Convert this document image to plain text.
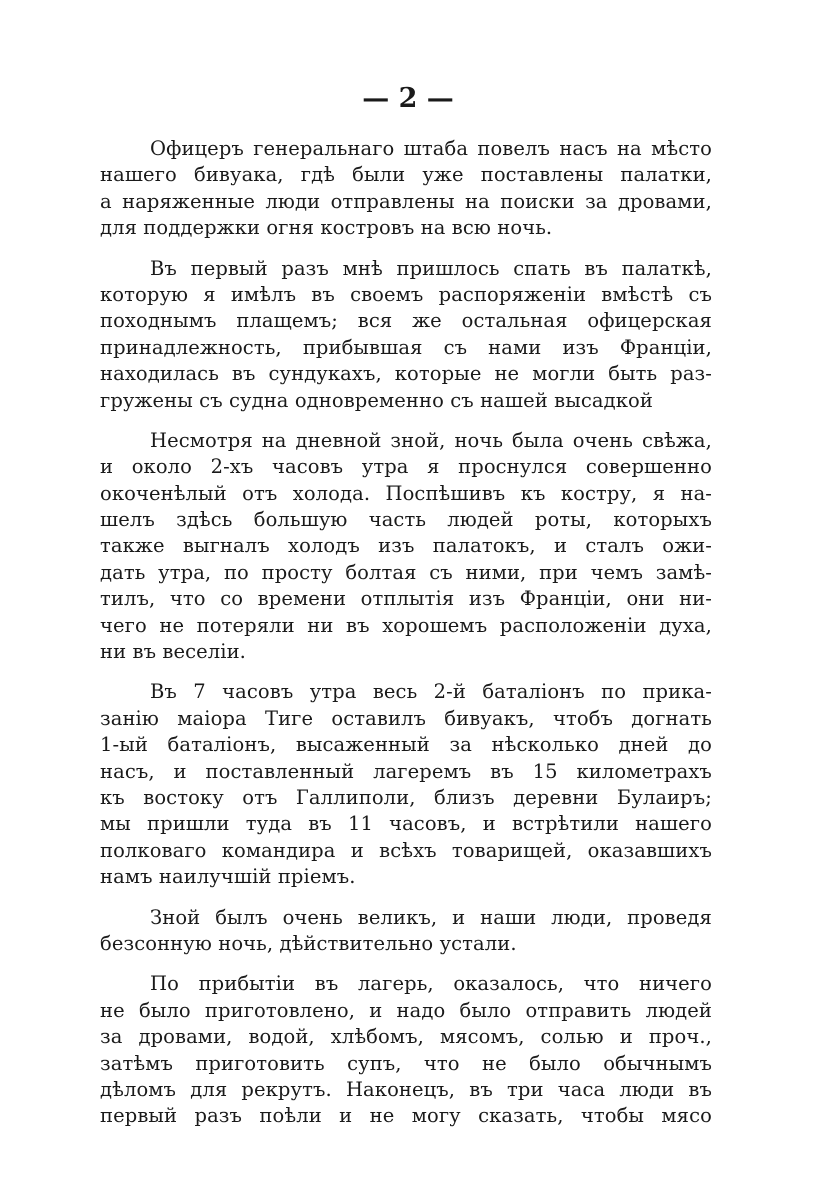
— 2 —
Офицеръ генеральнаго штаба повелъ насъ на мѣсто
нашего бивуака, гдѣ были уже поставлены палатки,
а наряженные люди отправлены на поиски за дровами,
для поддержки огня костровъ на всю ночь.
Въ первый разъ мнѣ пришлось спать въ палаткѣ,
которую я имѣлъ въ своемъ распоряженіи вмѣстѣ съ
походнымъ плащемъ; вся же остальная офицерская
принадлежность, прибывшая съ нами изъ Франціи,
находилась въ сундукахъ, которые не могли быть раз-
гружены съ судна одновременно съ нашей высадкой
Несмотря на дневной зной, ночь была очень свѣжа,
и около 2-хъ часовъ утра я проснулся совершенно
окоченѣлый отъ холода. Поспѣшивъ къ костру, я на-
шелъ здѣсь большую часть людей роты, которыхъ
также выгналъ холодъ изъ палатокъ, и сталъ ожи-
дать утра, по просту болтая съ ними, при чемъ замѣ-
тилъ, что со времени отплытія изъ Франціи, они ни-
чего не потеряли ни въ хорошемъ расположеніи духа,
ни въ веселіи.
Въ 7 часовъ утра весь 2-й баталіонъ по прика-
занію маіора Тиге оставилъ бивуакъ, чтобъ догнать
1-ый баталіонъ, высаженный за нѣсколько дней до
насъ, и поставленный лагеремъ въ 15 километрахъ
къ востоку отъ Галлиполи, близъ деревни Булаиръ;
мы пришли туда въ 11 часовъ, и встрѣтили нашего
полковаго командира и всѣхъ товарищей, оказавшихъ
намъ наилучшій пріемъ.
Зной былъ очень великъ, и наши люди, проведя
безсонную ночь, дѣйствительно устали.
По прибытіи въ лагерь, оказалось, что ничего
не было приготовлено, и надо было отправить людей
за дровами, водой, хлѣбомъ, мясомъ, солью и проч.,
затѣмъ приготовить супъ, что не было обычнымъ
дѣломъ для рекрутъ. Наконецъ, въ три часа люди въ
первый разъ поѣли и не могу сказать, чтобы мясо
